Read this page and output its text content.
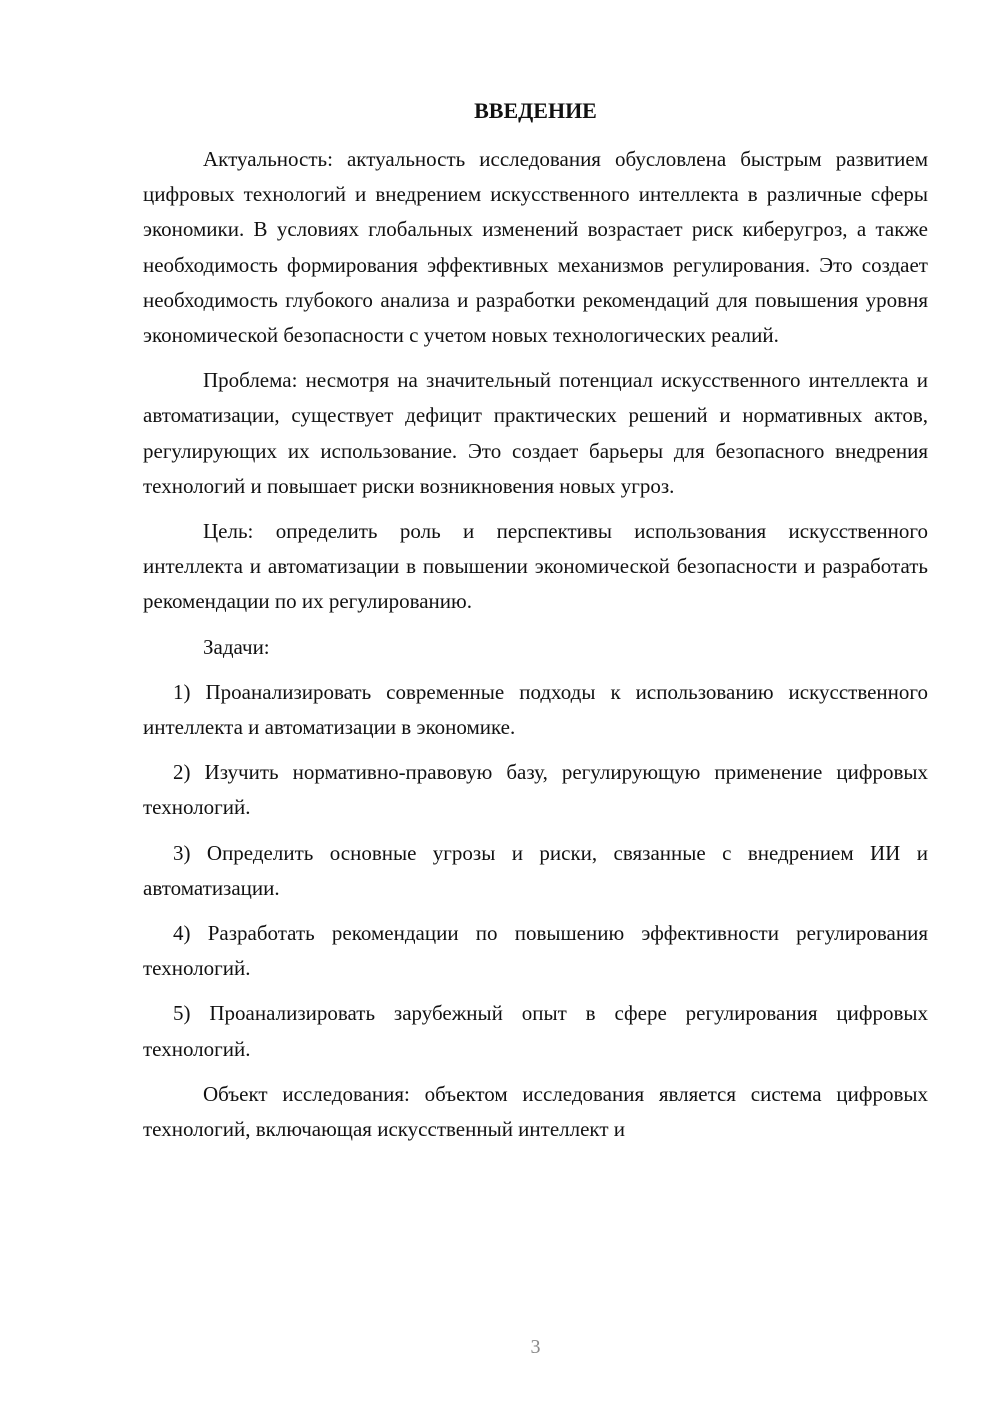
ВВЕДЕНИЕ

Актуальность: актуальность исследования обусловлена быстрым развитием цифровых технологий и внедрением искусственного интеллекта в различные сферы экономики. В условиях глобальных изменений возрастает риск киберугроз, а также необходимость формирования эффективных механизмов регулирования. Это создает необходимость глубокого анализа и разработки рекомендаций для повышения уровня экономической безопасности с учетом новых технологических реалий.

Проблема: несмотря на значительный потенциал искусственного интеллекта и автоматизации, существует дефицит практических решений и нормативных актов, регулирующих их использование. Это создает барьеры для безопасного внедрения технологий и повышает риски возникновения новых угроз.

Цель: определить роль и перспективы использования искусственного интеллекта и автоматизации в повышении экономической безопасности и разработать рекомендации по их регулированию.

Задачи:

1) Проанализировать современные подходы к использованию искусственного интеллекта и автоматизации в экономике.

2) Изучить нормативно-правовую базу, регулирующую применение цифровых технологий.

3) Определить основные угрозы и риски, связанные с внедрением ИИ и автоматизации.

4) Разработать рекомендации по повышению эффективности регулирования технологий.

5) Проанализировать зарубежный опыт в сфере регулирования цифровых технологий.

Объект исследования: объектом исследования является система цифровых технологий, включающая искусственный интеллект и

3
